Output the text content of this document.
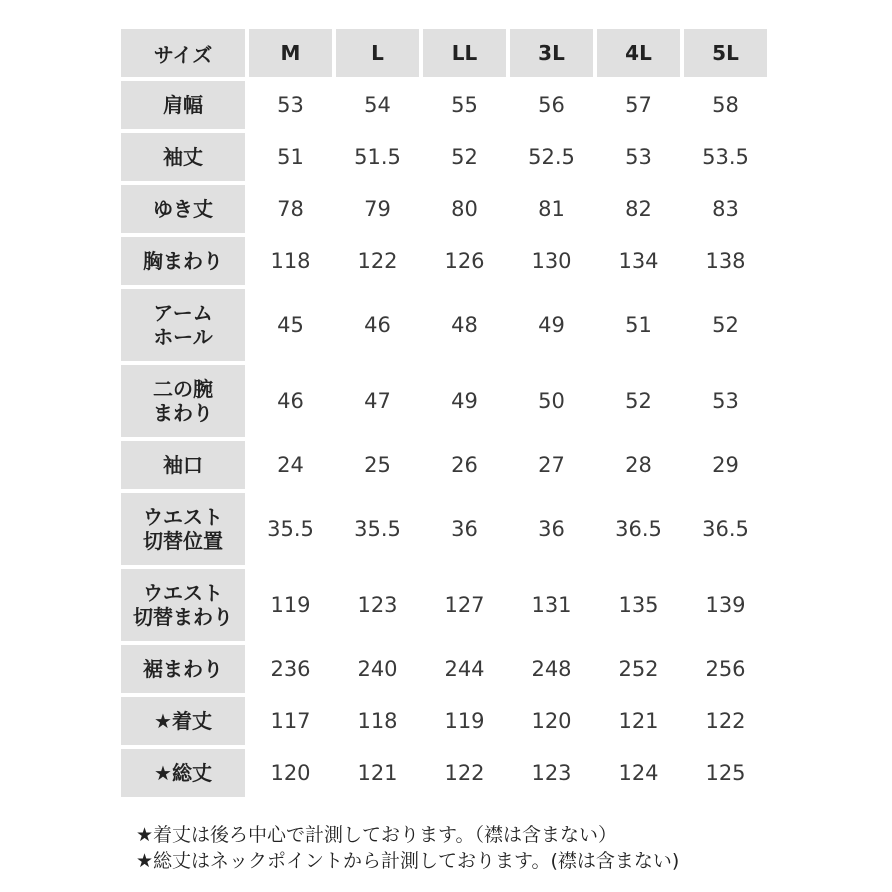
サイズ	M	L	LL	3L	4L	5L
肩幅	53	54	55	56	57	58
袖丈	51	51.5	52	52.5	53	53.5
ゆき丈	78	79	80	81	82	83
胸まわり	118	122	126	130	134	138
アーム
ホール	45	46	48	49	51	52
二の腕
まわり	46	47	49	50	52	53
袖口	24	25	26	27	28	29
ウエスト
切替位置	35.5	35.5	36	36	36.5	36.5
ウエスト
切替まわり	119	123	127	131	135	139
裾まわり	236	240	244	248	252	256
★着丈	117	118	119	120	121	122
★総丈	120	121	122	123	124	125

★着丈は後ろ中心で計測しております。（襟は含まない）

★総丈はネックポイントから計測しております。(襟は含まない)
